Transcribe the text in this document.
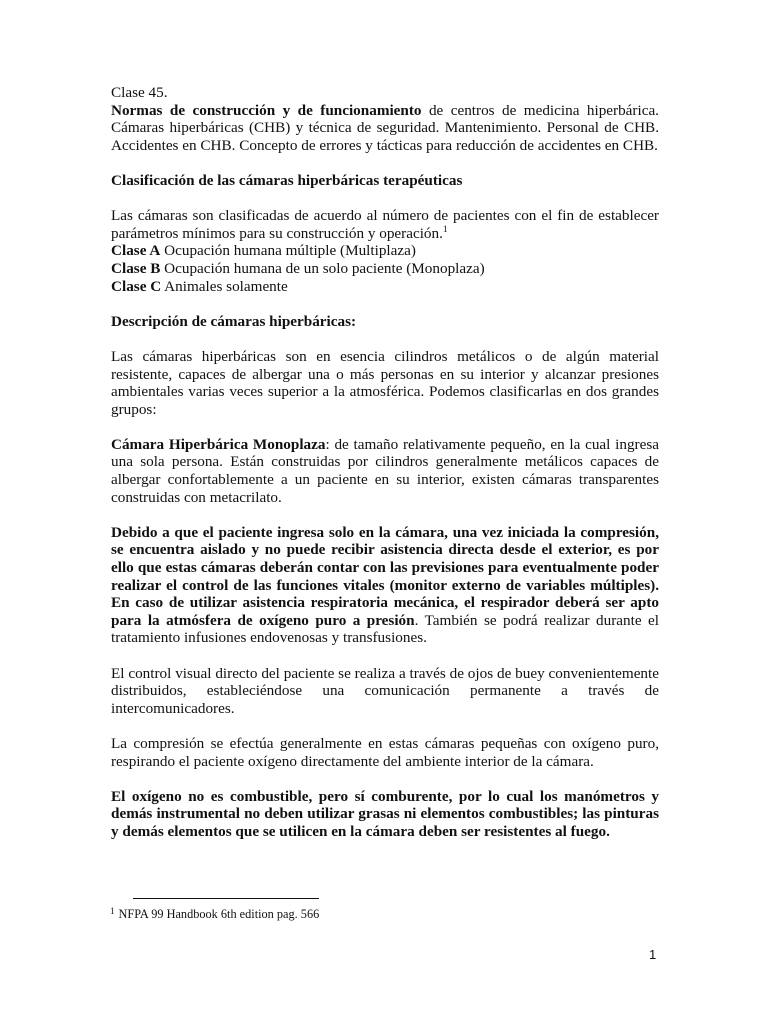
Clase 45.

Normas de construcción y de funcionamiento de centros de medicina hiperbárica. Cámaras hiperbáricas (CHB) y técnica de seguridad. Mantenimiento. Personal de CHB. Accidentes en CHB. Concepto de errores y tácticas para reducción de accidentes en CHB.

Clasificación de las cámaras hiperbáricas terapéuticas

Las cámaras son clasificadas de acuerdo al número de pacientes con el fin de establecer parámetros mínimos para su construcción y operación.$^1$

Clase A Ocupación humana múltiple (Multiplaza)

Clase B Ocupación humana de un solo paciente (Monoplaza)

Clase C Animales solamente

Descripción de cámaras hiperbáricas:

Las cámaras hiperbáricas son en esencia cilindros metálicos o de algún material resistente, capaces de albergar una o más personas en su interior y alcanzar presiones ambientales varias veces superior a la atmosférica. Podemos clasificarlas en dos grandes grupos:

Cámara Hiperbárica Monoplaza: de tamaño relativamente pequeño, en la cual ingresa una sola persona. Están construidas por cilindros generalmente metálicos capaces de albergar confortablemente a un paciente en su interior, existen cámaras transparentes construidas con metacrilato.

Debido a que el paciente ingresa solo en la cámara, una vez iniciada la compresión, se encuentra aislado y no puede recibir asistencia directa desde el exterior, es por ello que estas cámaras deberán contar con las previsiones para eventualmente poder realizar el control de las funciones vitales (monitor externo de variables múltiples). En caso de utilizar asistencia respiratoria mecánica, el respirador deberá ser apto para la atmósfera de oxígeno puro a presión. También se podrá realizar durante el tratamiento infusiones endovenosas y transfusiones.

El control visual directo del paciente se realiza a través de ojos de buey convenientemente distribuidos, estableciéndose una comunicación permanente a través de intercomunicadores.

La compresión se efectúa generalmente en estas cámaras pequeñas con oxígeno puro, respirando el paciente oxígeno directamente del ambiente interior de la cámara.

El oxígeno no es combustible, pero sí comburente, por lo cual los manómetros y demás instrumental no deben utilizar grasas ni elementos combustibles; las pinturas y demás elementos que se utilicen en la cámara deben ser resistentes al fuego.

$^1$ NFPA 99 Handbook 6th edition pag. 566
1
